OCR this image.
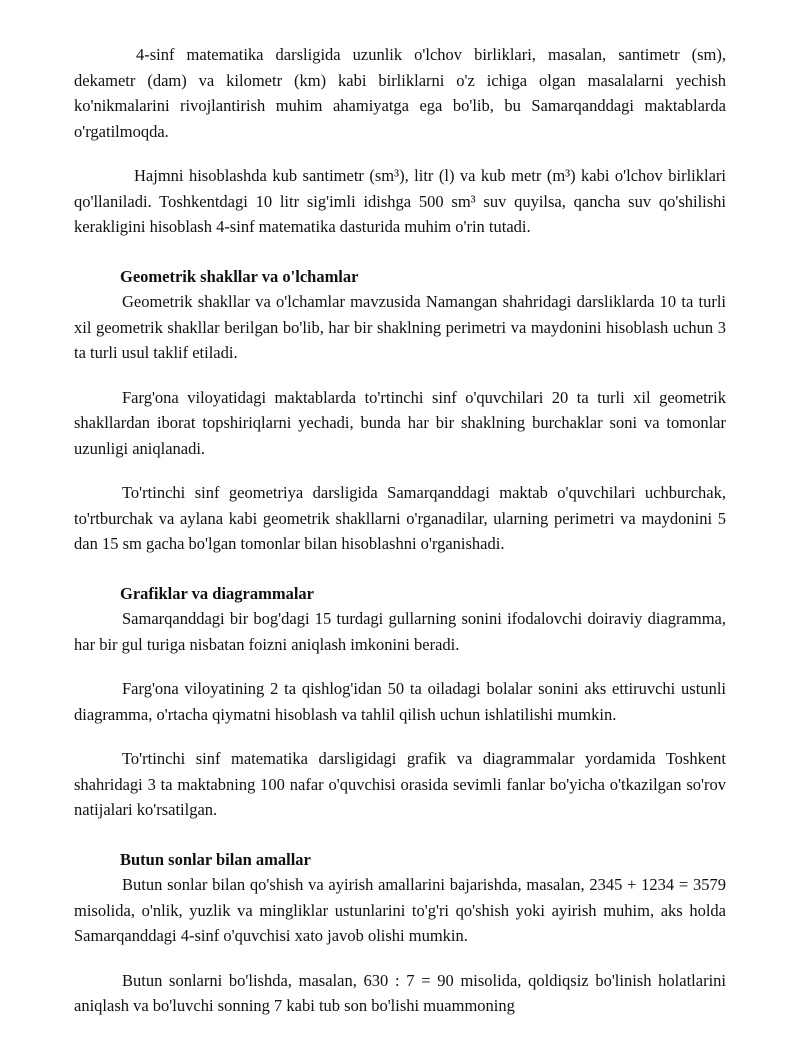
4-sinf matematika darsligida uzunlik o'lchov birliklari, masalan, santimetr (sm), dekametr (dam) va kilometr (km) kabi birliklarni o'z ichiga olgan masalalarni yechish ko'nikmalarini rivojlantirish muhim ahamiyatga ega bo'lib, bu Samarqanddagi maktablarda o'rgatilmoqda.

Hajmni hisoblashda kub santimetr (sm³), litr (l) va kub metr (m³) kabi o'lchov birliklari qo'llaniladi. Toshkentdagi 10 litr sig'imli idishga 500 sm³ suv quyilsa, qancha suv qo'shilishi kerakligini hisoblash 4-sinf matematika dasturida muhim o'rin tutadi.

Geometrik shakllar va o'lchamlar

Geometrik shakllar va o'lchamlar mavzusida Namangan shahridagi darsliklarda 10 ta turli xil geometrik shakllar berilgan bo'lib, har bir shaklning perimetri va maydonini hisoblash uchun 3 ta turli usul taklif etiladi.

Farg'ona viloyatidagi maktablarda to'rtinchi sinf o'quvchilari 20 ta turli xil geometrik shakllardan iborat topshiriqlarni yechadi, bunda har bir shaklning burchaklar soni va tomonlar uzunligi aniqlanadi.

To'rtinchi sinf geometriya darsligida Samarqanddagi maktab o'quvchilari uchburchak, to'rtburchak va aylana kabi geometrik shakllarni o'rganadilar, ularning perimetri va maydonini 5 dan 15 sm gacha bo'lgan tomonlar bilan hisoblashni o'rganishadi.

Grafiklar va diagrammalar

Samarqanddagi bir bog'dagi 15 turdagi gullarning sonini ifodalovchi doiraviy diagramma, har bir gul turiga nisbatan foizni aniqlash imkonini beradi.

Farg'ona viloyatining 2 ta qishlog'idan 50 ta oiladagi bolalar sonini aks ettiruvchi ustunli diagramma, o'rtacha qiymatni hisoblash va tahlil qilish uchun ishlatilishi mumkin.

To'rtinchi sinf matematika darsligidagi grafik va diagrammalar yordamida Toshkent shahridagi 3 ta maktabning 100 nafar o'quvchisi orasida sevimli fanlar bo'yicha o'tkazilgan so'rov natijalari ko'rsatilgan.

Butun sonlar bilan amallar

Butun sonlar bilan qo'shish va ayirish amallarini bajarishda, masalan, 2345 + 1234 = 3579 misolida, o'nlik, yuzlik va mingliklar ustunlarini to'g'ri qo'shish yoki ayirish muhim, aks holda Samarqanddagi 4-sinf o'quvchisi xato javob olishi mumkin.

Butun sonlarni bo'lishda, masalan, 630 : 7 = 90 misolida, qoldiqsiz bo'linish holatlarini aniqlash va bo'luvchi sonning 7 kabi tub son bo'lishi muammoning
